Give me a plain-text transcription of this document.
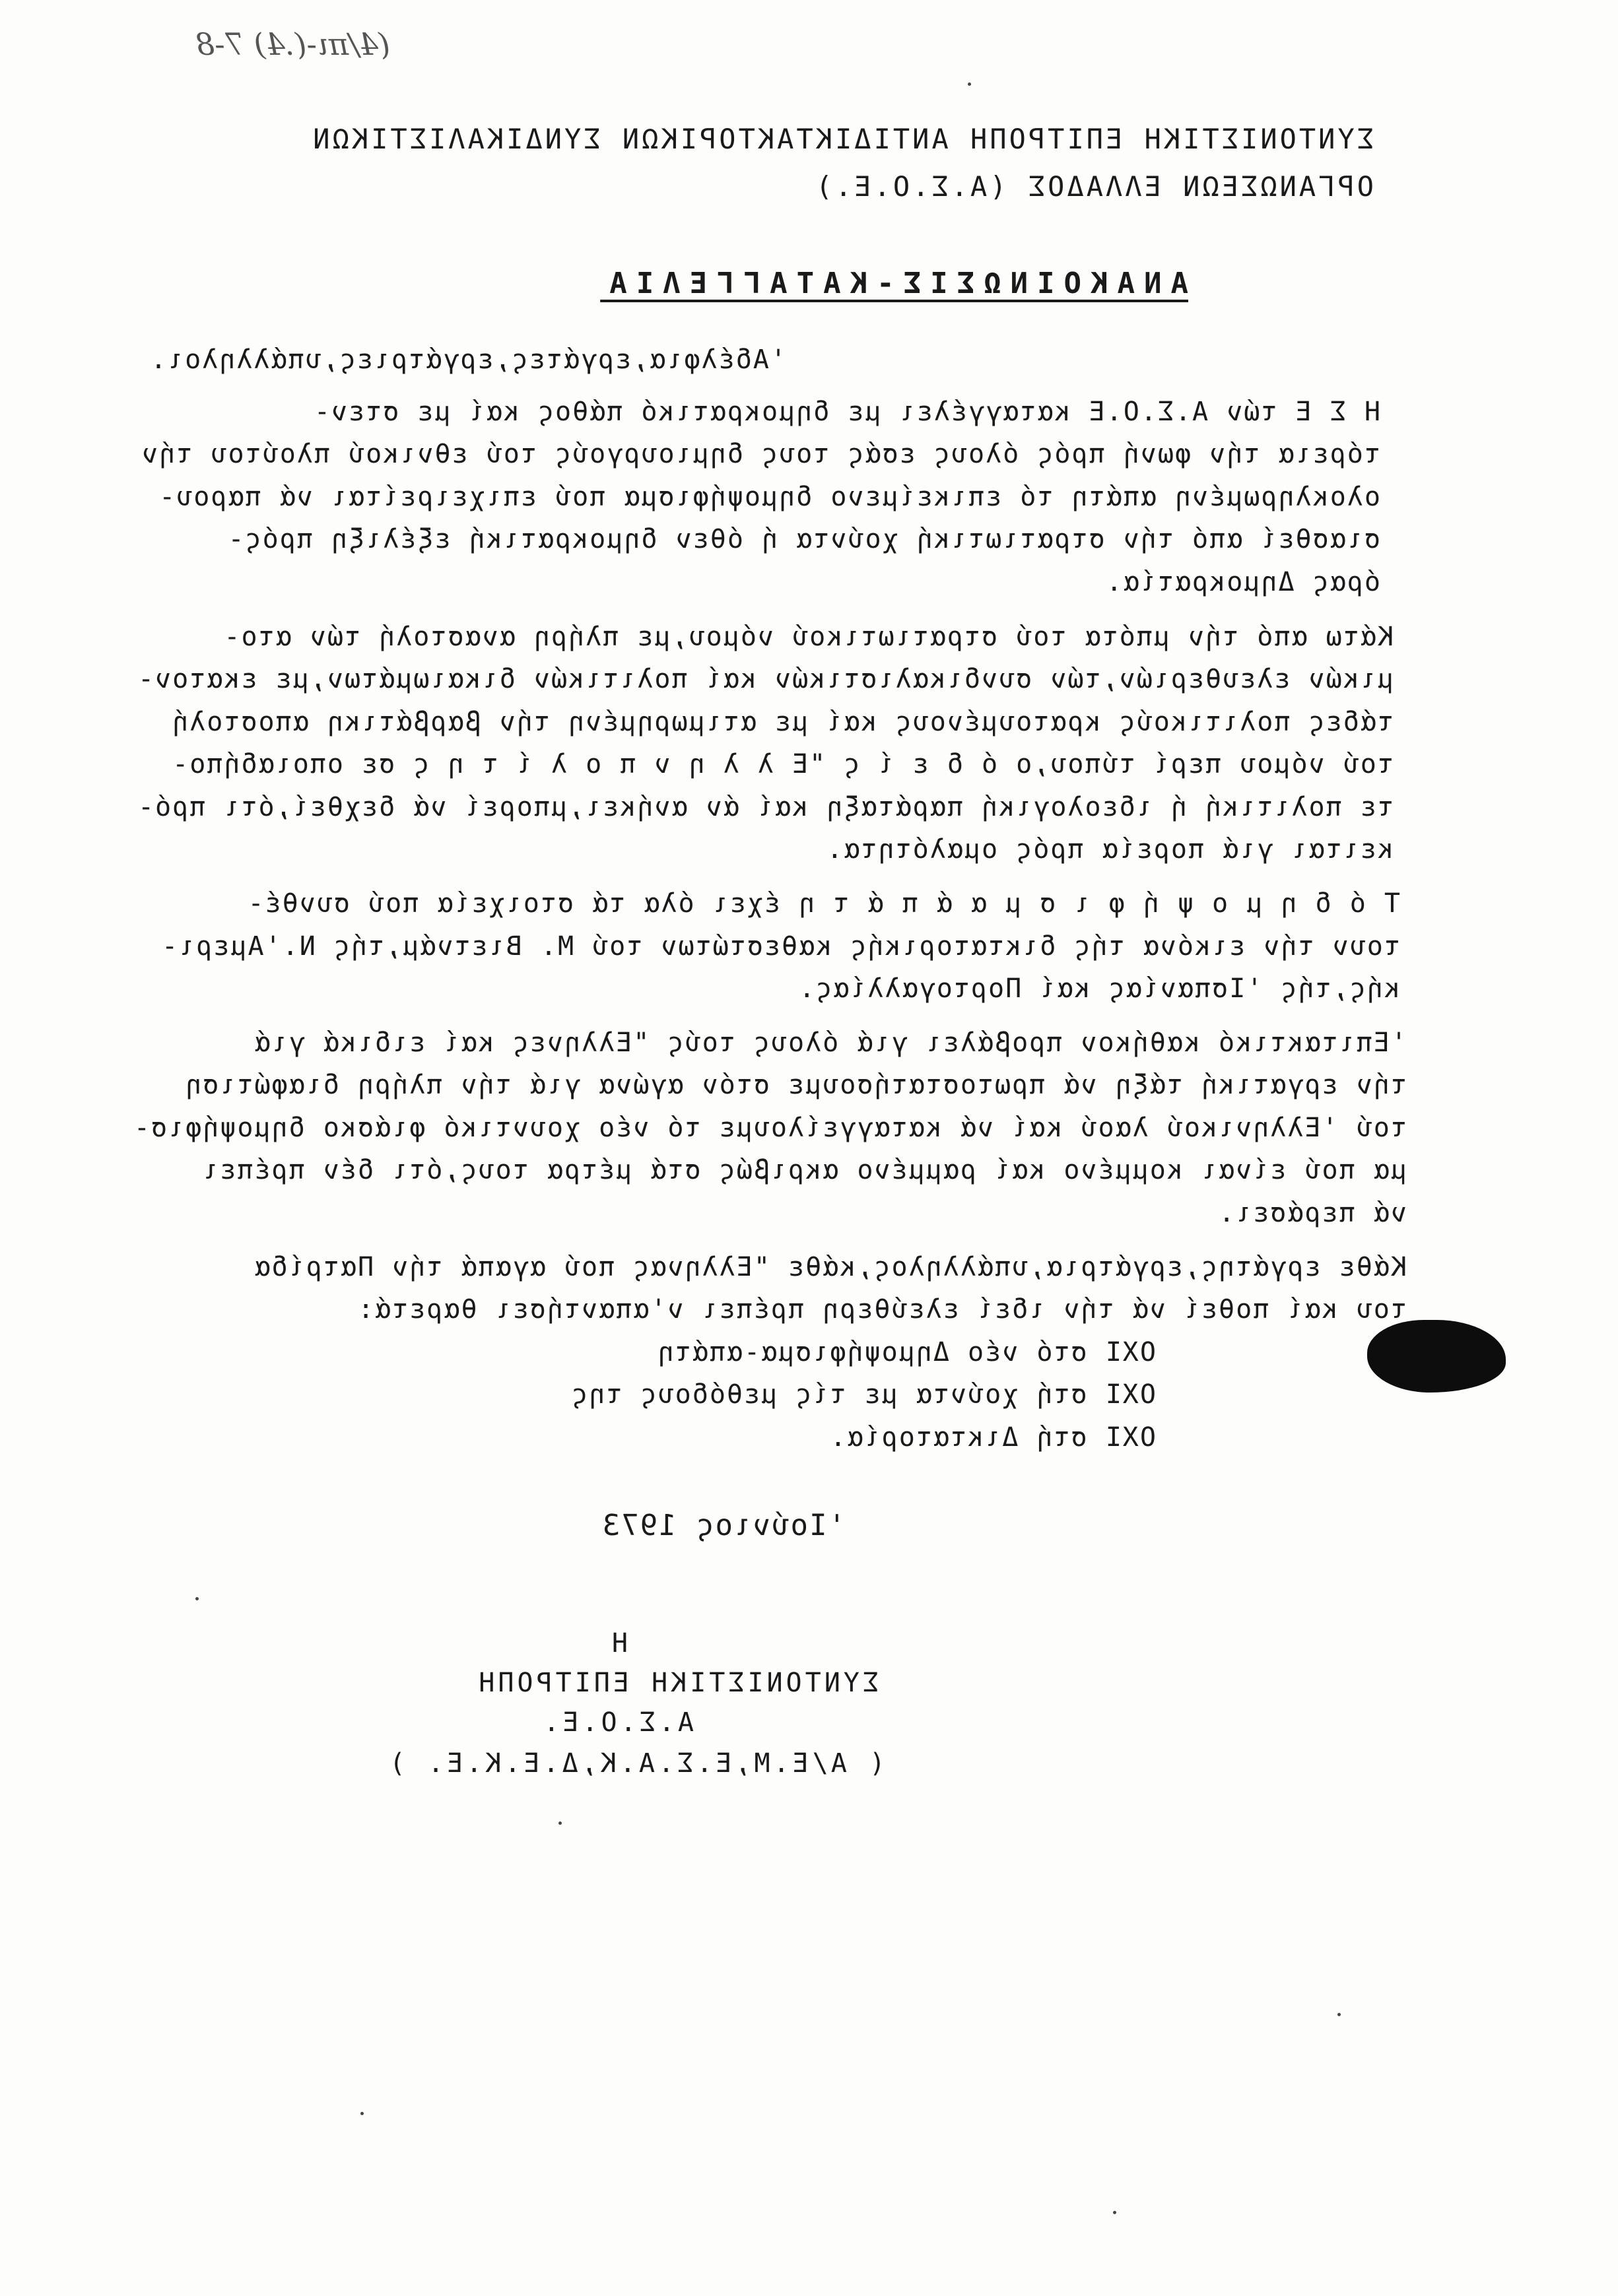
(4/πι-(.4) 7-8
ΣΥΝΤΟΝΙΣΤΙΚΗ ΕΠΙΤΡΟΠΗ ΑΝΤΙΔΙΚΤΑΚΤΟΡΙΚΩΝ ΣΥΝΔΙΚΑΛΙΣΤΙΚΩΝ
ΟΡΓΑΝΩΣΕΩΝ ΕΛΛΑΔΟΣ (Α.Σ.Ο.Ε.)
ΑΝΑΚΟΙΝΩΣΙΣ-ΚΑΤΑΓΓΕΛΙΑ
'Αδέλφια,εργάτες,εργάτριες,υπάλληλοι.
Η Σ Ε τών Α.Σ.Ο.Ε καταγγέλει με δημοκρατικό πάθος καί με στεν-
τόρεια τήν φωνή πρός όλους εσάς τους δημιουργούς τού εθνικού πλούτου τήν
ολοκληρωμένη απάτη τό επικείμενο δημοψήφισμα πού επιχειρείται νά παρου-
σιασθεί από τήν στρατιωτική χούντα ή όθεν δημοκρατική εξέλιξη πρός-
όρας Δημοκρατία.
Κάτω από τήν μπότα τού στρατιωτικού νόμου,με πλήρη αναστολή τών ατο-
μικών ελευθεριών,τών συνδικαλιστικών καί πολιτικών δικαιωμάτων,με εκατον-
τάδες πολιτικούς κρατουμένους καί με ατιμωρημένη τήν βαρβάτικη αποστολή
τού νόμου περί τύπου,ο ό δ ε ί ς "Ε λ λ η ν π ο λ ί τ η ς σε οποιαδήπο-
τε πολιτική ή ιδεολογική παράταξη καί άν ανήκει,μπορεί νά δεχθεί,ότι πρό-
κειται γιά πορεία πρός ομαλότητα.
Τ ό δ η μ ο ψ ή φ ι σ μ α ά π ά τ η έχει όλα τά στοιχεία πού συνθέ-
τουν τήν εικόνα τής δικτατορικής καθεστώτων τού Μ. Βιετνάμ,τής Ν.'Αμερι-
κής,τής 'Ισπανίας καί Πορτογαλλίας.
'Επιτακτικό καθήκον προβάλει γιά όλους τούς "Ελληνες καί ειδικά γιά
τήν εργατική τάξη νά πρωτοστατήσουμε στόν αγώνα γιά τήν πλήρη διαφώτιση
τού 'Ελληνικού λαού καί νά καταγγείλουμε τό νέο χουντικό φιάσκο δημοψήφισ-
μα πού είναι κομμένο καί ραμμένο ακριβώς στά μέτρα τους,ότι δέν πρέπει
νά περάσει.
Κάθε εργάτης,εργάτρια,υπάλληλος,κάθε "Ελληνας πού αγαπά τήν Πατρίδα
του καί ποθεί νά τήν ιδεί ελεύθερη πρέπει ν'απαντήσει θαρετά:
ΟΧΙ στό νέο Δημοψήφισμα-απάτη
ΟΧΙ στή χούντα με τίς μεθόδους της
ΟΧΙ στή Δικτατορία.
'Ιούνιος 1973
Η
ΣΥΝΤΟΝΙΣΤΙΚΗ ΕΠΙΤΡΟΠΗ
Α.Σ.Ο.Ε.
( Α/Ε.Μ,Ε.Σ.Α.Κ,Δ.Ε.Κ.Ε. )
